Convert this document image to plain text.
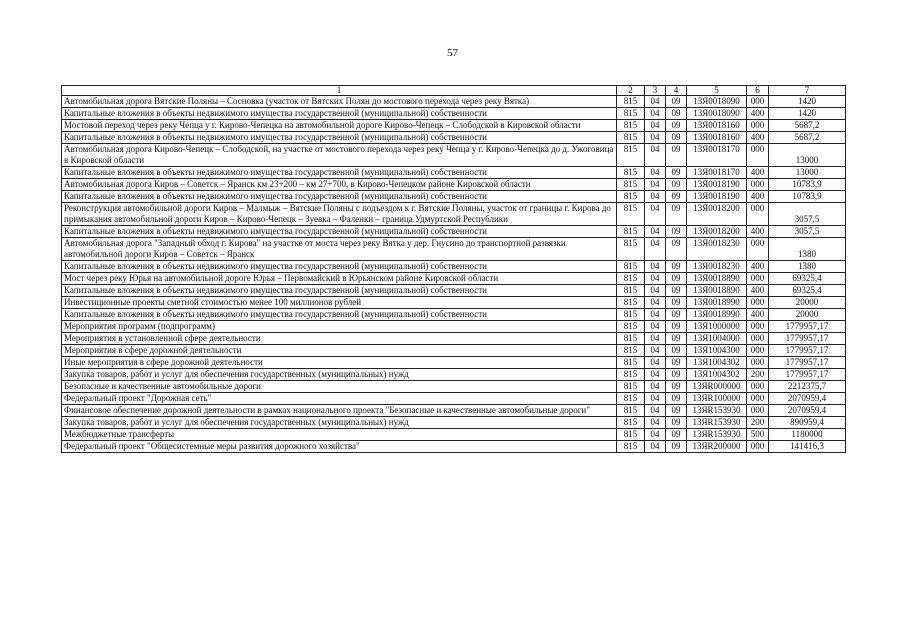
57
1	2	3	4	5	6	7
Автомобильная дорога Вятские Поляны – Сосновка (участок от Вятских Полян до мостового перехода через реку Вятка)	815	04	09	13Я0018090	000	1420
Капитальные вложения в объекты недвижимого имущества государственной (муниципальной) собственности	815	04	09	13Я0018090	400	1420
Мостовой переход через реку Чепца у г. Кирово-Чепецка на автомобильной дороге Кирово-Чепецк – Слободской в Кировской области	815	04	09	13Я0018160	000	5687,2
Капитальные вложения в объекты недвижимого имущества государственной (муниципальной) собственности	815	04	09	13Я0018160	400	5687,2
Автомобильная дорога Кирово-Чепецк – Слободской, на участке от мостового перехода через реку Чепца у г. Кирово-Чепецка до д. Ужоговица в Кировской области	815	04	09	13Я0018170	000	13000
Капитальные вложения в объекты недвижимого имущества государственной (муниципальной) собственности	815	04	09	13Я0018170	400	13000
Автомобильная дорога Киров – Советск – Яранск км 23+200 – км 27+700, в Кирово-Чепецком районе Кировской области	815	04	09	13Я0018190	000	10783,9
Капитальные вложения в объекты недвижимого имущества государственной (муниципальной) собственности	815	04	09	13Я0018190	400	10783,9
Реконструкция автомобильной дороги Киров – Малмыж – Вятские Поляны с подъездом к г. Вятские Поляны, участок от границы г. Кирова до примыкания автомобильной дороги Киров – Кирово-Чепецк – Зуевка – Фаленки – граница Удмуртской Республики	815	04	09	13Я0018200	000	3057,5
Капитальные вложения в объекты недвижимого имущества государственной (муниципальной) собственности	815	04	09	13Я0018200	400	3057,5
Автомобильная дорога "Западный обход г. Кирова" на участке от моста через реку Вятка у дер. Гнусино до транспортной развязки автомобильной дороги Киров – Советск – Яранск	815	04	09	13Я0018230	000	1380
Капитальные вложения в объекты недвижимого имущества государственной (муниципальной) собственности	815	04	09	13Я0018230	400	1380
Мост через реку Юрья на автомобильной дороге Юрья – Первомайский в Юрьянском районе Кировской области	815	04	09	13Я0018890	000	69325,4
Капитальные вложения в объекты недвижимого имущества государственной (муниципальной) собственности	815	04	09	13Я0018890	400	69325,4
Инвестиционные проекты сметной стоимостью менее 100 миллионов рублей	815	04	09	13Я0018990	000	20000
Капитальные вложения в объекты недвижимого имущества государственной (муниципальной) собственности	815	04	09	13Я0018990	400	20000
Мероприятия программ (подпрограмм)	815	04	09	13Я1000000	000	1779957,17
Мероприятия в установленной сфере деятельности	815	04	09	13Я1004000	000	1779957,17
Мероприятия в сфере дорожной деятельности	815	04	09	13Я1004300	000	1779957,17
Иные мероприятия в сфере дорожной деятельности	815	04	09	13Я1004302	000	1779957,17
Закупка товаров, работ и услуг для обеспечения государственных (муниципальных) нужд	815	04	09	13Я1004302	200	1779957,17
Безопасные и качественные автомобильные дороги	815	04	09	13ЯR000000	000	2212375,7
Федеральный проект "Дорожная сеть"	815	04	09	13ЯR100000	000	2070959,4
Финансовое обеспечение дорожной деятельности в рамках национального проекта "Безопасные и качественные автомобильные дороги"	815	04	09	13ЯR153930	000	2070959,4
Закупка товаров, работ и услуг для обеспечения государственных (муниципальных) нужд	815	04	09	13ЯR153930	200	890959,4
Межбюджетные трансферты	815	04	09	13ЯR153930	500	1180000
Федеральный проект "Общесистемные меры развития дорожного хозяйства"	815	04	09	13ЯR200000	000	141416,3
